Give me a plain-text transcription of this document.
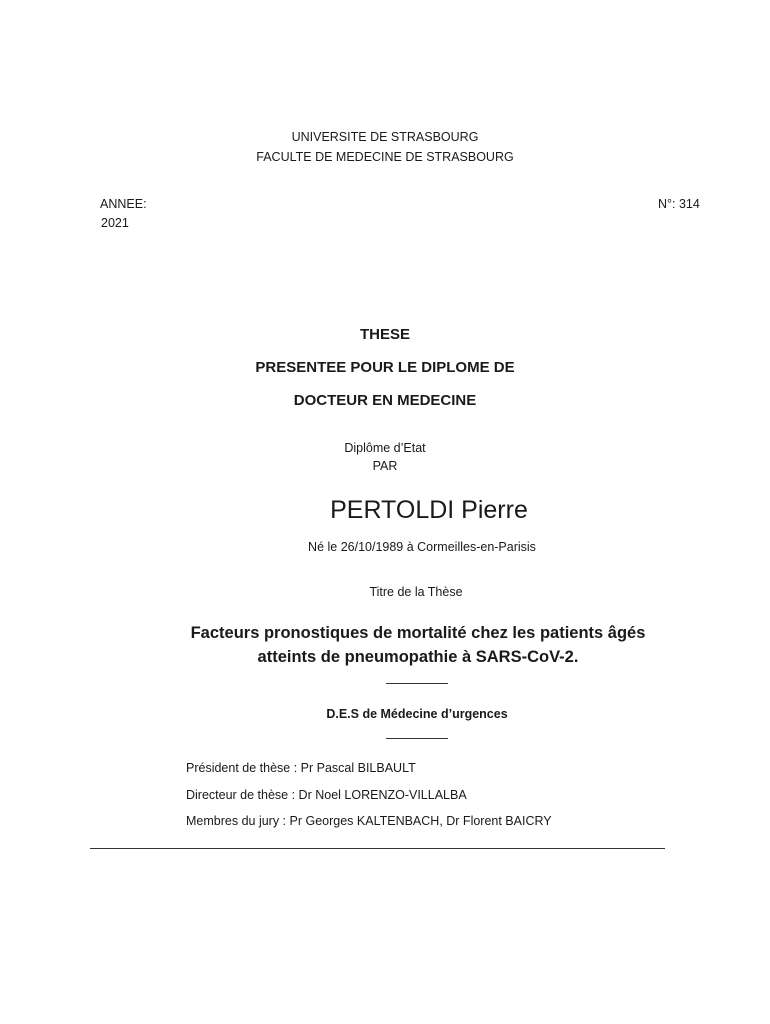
UNIVERSITE DE STRASBOURG
FACULTE DE MEDECINE DE STRASBOURG
ANNEE:
2021
N°: 314
THESE
PRESENTEE POUR LE DIPLOME DE
DOCTEUR EN MEDECINE
Diplôme d’Etat
PAR
PERTOLDI Pierre
Né le 26/10/1989 à Cormeilles-en-Parisis
Titre de la Thèse
Facteurs pronostiques de mortalité chez les patients âgés
atteints de pneumopathie à SARS-CoV-2.
D.E.S de Médecine d’urgences
Président de thèse : Pr Pascal BILBAULT
Directeur de thèse : Dr Noel LORENZO-VILLALBA
Membres du jury : Pr Georges KALTENBACH, Dr Florent BAICRY
